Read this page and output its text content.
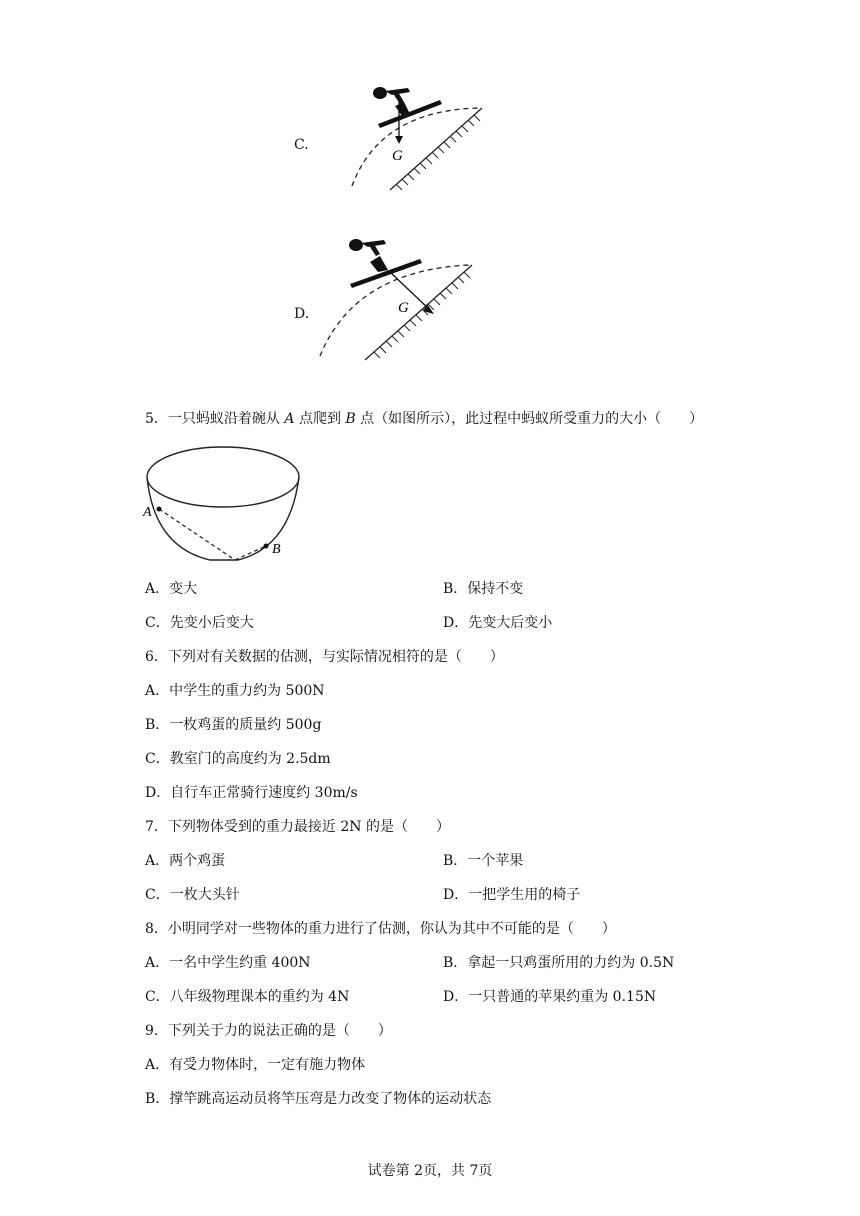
C.
G
D.	G
5．一只蚂蚁沿着碗从 A 点爬到 B 点（如图所示），此过程中蚂蚁所受重力的大小（　　）
A
B
A．变大	B．保持不变
C．先变小后变大	D．先变大后变小
6．下列对有关数据的估测，与实际情况相符的是（　　）
A．中学生的重力约为 500N
B．一枚鸡蛋的质量约 500g
C．教室门的高度约为 2.5dm
D．自行车正常骑行速度约 30m/s
7．下列物体受到的重力最接近 2N 的是（　　）
A．两个鸡蛋	B．一个苹果
C．一枚大头针	D．一把学生用的椅子
8．小明同学对一些物体的重力进行了估测，你认为其中不可能的是（　　）
A．一名中学生约重 400N	B．拿起一只鸡蛋所用的力约为 0.5N
C．八年级物理课本的重约为 4N	D．一只普通的苹果约重为 0.15N
9．下列关于力的说法正确的是（　　）
A．有受力物体时，一定有施力物体
B．撑竿跳高运动员将竿压弯是力改变了物体的运动状态
试卷第 2页，共 7页
